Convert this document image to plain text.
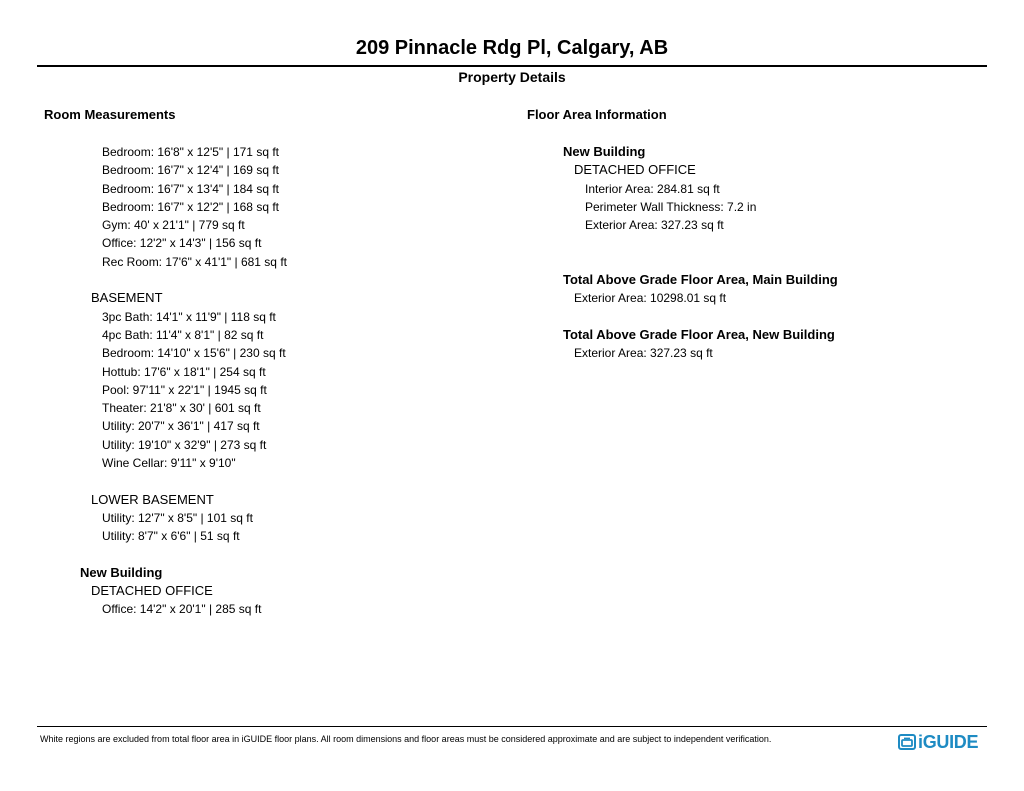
209 Pinnacle Rdg Pl, Calgary, AB
Property Details
Room Measurements
Bedroom: 16'8" x 12'5" | 171 sq ft
Bedroom: 16'7" x 12'4" | 169 sq ft
Bedroom: 16'7" x 13'4" | 184 sq ft
Bedroom: 16'7" x 12'2" | 168 sq ft
Gym: 40' x 21'1" | 779 sq ft
Office: 12'2" x 14'3" | 156 sq ft
Rec Room: 17'6" x 41'1" | 681 sq ft
BASEMENT
3pc Bath: 14'1" x 11'9" | 118 sq ft
4pc Bath: 11'4" x 8'1" | 82 sq ft
Bedroom: 14'10" x 15'6" | 230 sq ft
Hottub: 17'6" x 18'1" | 254 sq ft
Pool: 97'11" x 22'1" | 1945 sq ft
Theater: 21'8" x 30' | 601 sq ft
Utility: 20'7" x 36'1" | 417 sq ft
Utility: 19'10" x 32'9" | 273 sq ft
Wine Cellar: 9'11" x 9'10"
LOWER BASEMENT
Utility: 12'7" x 8'5" | 101 sq ft
Utility: 8'7" x 6'6" | 51 sq ft
New Building
DETACHED OFFICE
Office: 14'2" x 20'1" | 285 sq ft
Floor Area Information
New Building
DETACHED OFFICE
Interior Area: 284.81 sq ft
Perimeter Wall Thickness: 7.2 in
Exterior Area: 327.23 sq ft
Total Above Grade Floor Area, Main Building
Exterior Area: 10298.01 sq ft
Total Above Grade Floor Area, New Building
Exterior Area: 327.23 sq ft
White regions are excluded from total floor area in iGUIDE floor plans. All room dimensions and floor areas must be considered approximate and are subject to independent verification.	iGUIDE
